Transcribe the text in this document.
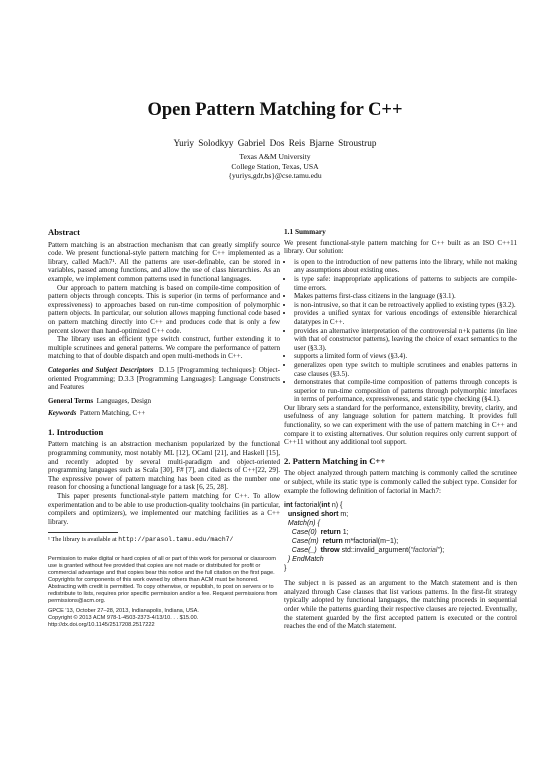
Open Pattern Matching for C++
Yuriy Solodkyy Gabriel Dos Reis Bjarne Stroustrup
Texas A&M University
College Station, Texas, USA
{yuriys,gdr,bs}@cse.tamu.edu
Abstract

Pattern matching is an abstraction mechanism that can greatly simplify source code. We present functional-style pattern matching for C++ implemented as a library, called Mach7¹. All the patterns are user-definable, can be stored in variables, passed among functions, and allow the use of class hierarchies. As an example, we implement common patterns used in functional languages.

Our approach to pattern matching is based on compile-time composition of pattern objects through concepts. This is superior (in terms of performance and expressiveness) to approaches based on run-time composition of polymorphic pattern objects. In particular, our solution allows mapping functional code based on pattern matching directly into C++ and produces code that is only a few percent slower than hand-optimized C++ code.

The library uses an efficient type switch construct, further extending it to multiple scrutinees and general patterns. We compare the performance of pattern matching to that of double dispatch and open multi-methods in C++.

Categories and Subject Descriptors D.1.5 [Programming techniques]: Object-oriented Programming; D.3.3 [Programming Languages]: Language Constructs and Features

General Terms Languages, Design

Keywords Pattern Matching, C++

1. Introduction

Pattern matching is an abstraction mechanism popularized by the functional programming community, most notably ML [12], OCaml [21], and Haskell [15], and recently adopted by several multi-paradigm and object-oriented programming languages such as Scala [30], F# [7], and dialects of C++[22, 29]. The expressive power of pattern matching has been cited as the number one reason for choosing a functional language for a task [6, 25, 28].

This paper presents functional-style pattern matching for C++. To allow experimentation and to be able to use production-quality toolchains (in particular, compilers and optimizers), we implemented our matching facilities as a C++ library.

¹ The library is available at http://parasol.tamu.edu/mach7/

Permission to make digital or hard copies of all or part of this work for personal or classroom use is granted without fee provided that copies are not made or distributed for profit or commercial advantage and that copies bear this notice and the full citation on the first page. Copyrights for components of this work owned by others than ACM must be honored. Abstracting with credit is permitted. To copy otherwise, or republish, to post on servers or to redistribute to lists, requires prior specific permission and/or a fee. Request permissions from permissions@acm.org.
GPCE '13, October 27–28, 2013, Indianapolis, Indiana, USA.
Copyright © 2013 ACM 978-1-4503-2373-4/13/10. . . $15.00.
http://dx.doi.org/10.1145/2517208.2517222
1.1 Summary

We present functional-style pattern matching for C++ built as an ISO C++11 library. Our solution:

• is open to the introduction of new patterns into the library, while not making any assumptions about existing ones.
• is type safe: inappropriate applications of patterns to subjects are compile-time errors.
• Makes patterns first-class citizens in the language (§3.1).
• is non-intrusive, so that it can be retroactively applied to existing types (§3.2).
• provides a unified syntax for various encodings of extensible hierarchical datatypes in C++.
• provides an alternative interpretation of the controversial n+k patterns (in line with that of constructor patterns), leaving the choice of exact semantics to the user (§3.3).
• supports a limited form of views (§3.4).
• generalizes open type switch to multiple scrutinees and enables patterns in case clauses (§3.5).
• demonstrates that compile-time composition of patterns through concepts is superior to run-time composition of patterns through polymorphic interfaces in terms of performance, expressiveness, and static type checking (§4.1).

Our library sets a standard for the performance, extensibility, brevity, clarity, and usefulness of any language solution for pattern matching. It provides full functionality, so we can experiment with the use of pattern matching in C++ and compare it to existing alternatives. Our solution requires only current support of C++11 without any additional tool support.

2. Pattern Matching in C++

The object analyzed through pattern matching is commonly called the scrutinee or subject, while its static type is commonly called the subject type. Consider for example the following definition of factorial in Mach7:

int factorial(int n) {
unsigned short m;
Match(n) {
Case(0)  return 1;
Case(m)  return m*factorial(m−1);
Case(_)  throw std::invalid_argument("factorial");
} EndMatch
}

The subject n is passed as an argument to the Match statement and is then analyzed through Case clauses that list various patterns. In the first-fit strategy typically adopted by functional languages, the matching proceeds in sequential order while the patterns guarding their respective clauses are rejected. Eventually, the statement guarded by the first accepted pattern is executed or the control reaches the end of the Match statement.
